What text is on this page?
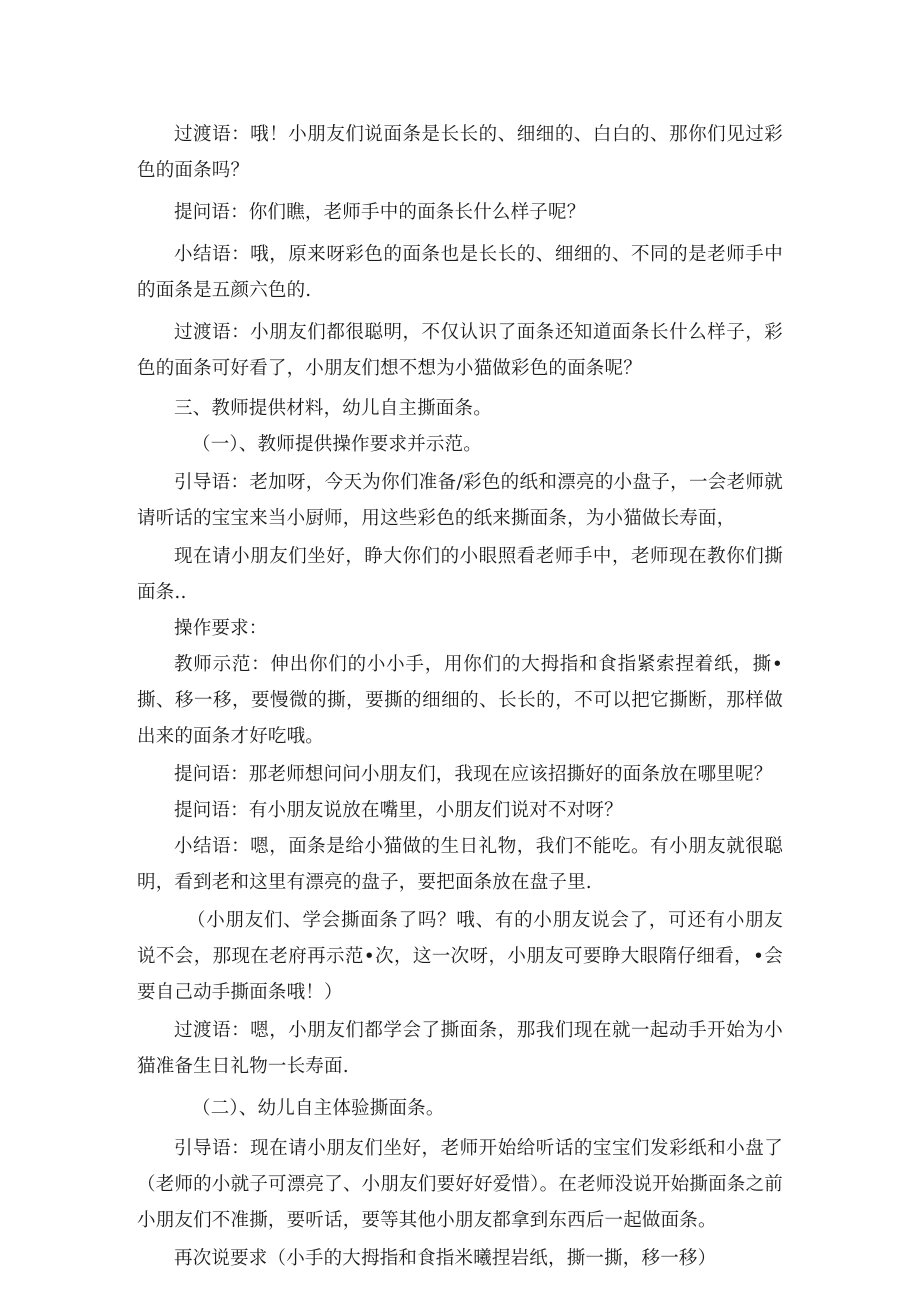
过渡语：哦！小朋友们说面条是长长的、细细的、白白的、那你们见过彩色的面条吗？

提问语：你们瞧，老师手中的面条长什么样子呢？

小结语：哦，原来呀彩色的面条也是长长的、细细的、不同的是老师手中的面条是五颜六色的.

过渡语：小朋友们都很聪明，不仅认识了面条还知道面条长什么样子，彩色的面条可好看了，小朋友们想不想为小猫做彩色的面条呢？

三、教师提供材料，幼儿自主撕面条。

（一）、教师提供操作要求并示范。

引导语：老加呀，今天为你们准备/彩色的纸和漂亮的小盘子，一会老师就请听话的宝宝来当小厨师，用这些彩色的纸来撕面条，为小猫做长寿面，

现在请小朋友们坐好，睁大你们的小眼照看老师手中，老师现在教你们撕面条..

操作要求：

教师示范：伸出你们的小小手，用你们的大拇指和食指紧索捏着纸，撕•撕、移一移，要慢微的撕，要撕的细细的、长长的，不可以把它撕断，那样做出来的面条才好吃哦。

提问语：那老师想问问小朋友们，我现在应该招撕好的面条放在哪里呢？

提问语：有小朋友说放在嘴里，小朋友们说对不对呀？

小结语：嗯，面条是给小猫做的生日礼物，我们不能吃。有小朋友就很聪明，看到老和这里有漂亮的盘子，要把面条放在盘子里.

（小朋友们、学会撕面条了吗？哦、有的小朋友说会了，可还有小朋友说不会，那现在老府再示范•次，这一次呀，小朋友可要睁大眼隋仔细看，•会要自己动手撕面条哦！）

过渡语：嗯，小朋友们都学会了撕面条，那我们现在就一起动手开始为小猫准备生日礼物一长寿面.

（二）、幼儿自主体验撕面条。

引导语：现在请小朋友们坐好，老师开始给听话的宝宝们发彩纸和小盘了（老师的小就子可漂亮了、小朋友们要好好爱惜）。在老师没说开始撕面条之前小朋友们不准撕，要听话，要等其他小朋友都拿到东西后一起做面条。

再次说要求（小手的大拇指和食指米曦捏岩纸，撕一撕，移一移）
